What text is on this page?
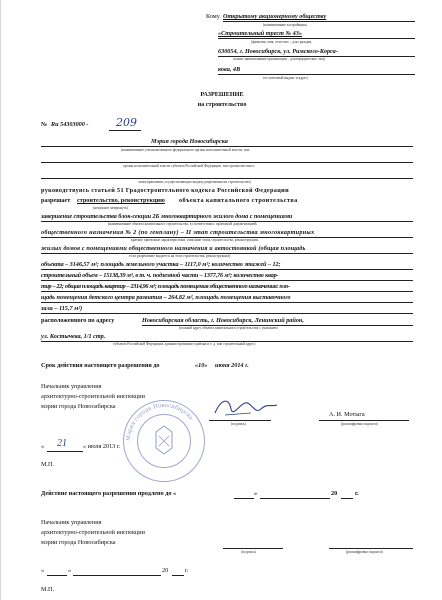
Кому Открытому акционерному обществу
(наименование застройщика,
«Строительный трест № 43»
(фамилия, имя, отчество – для граждан,
630054, г. Новосибирск, ул. Римского-Корса-
полное наименование организации – для юридических лиц)
кова, 4В
его почтовый индекс и адрес)
РАЗРЕШЕНИЕ
на строительство
№ Ru 54303000 -	209
Мэрия города Новосибирска
(наименование уполномоченного федерального органа исполнительной власти, или
органа исполнительной власти субъекта Российской Федерации, или органа местного
самоуправления, осуществляющих выдачу разрешения на строительство)
руководствуясь статьей 51 Градостроительного кодекса Российской Федерации
разрешает строительство, реконструкцию объекта капитального строительства
(ненужное зачеркнуть)
завершение строительства блок-секции 2Б многоквартирного жилого дома с помещениями
(наименование объекта капитального строительства, в соответствии с проектной документацией,
общественного назначения № 2 (по генплану) – II этап строительства многоквартирных
краткие проектные характеристики, описание этапа строительства, реконструкции,
жилых домов с помещениями общественного назначения и автостоянкой (общая площадь
если разрешение выдается на этап строительства, реконструкции)
объекта – 3146,57 м²; площадь земельного участка – 1117,0 м²; количество этажей – 12;
строительный объем – 15138,39 м³, в т. ч. подземной части – 1377,76 м³; количество квар-
тир – 22; общая площадь квартир – 2314,96 м²; площадь помещения общественного назначения: пло-
щадь помещения детского центра развития – 264,82 м², площадь помещения выставочного
зала – 115,7 м²)
расположенного по адресу	Новосибирская область, г. Новосибирск, Ленинский район,
(полный адрес объекта капитального строительства с указанием
ул. Костычева, 1/1 стр.
субъекта Российской Федерации, административного района и т. д. или строительный адрес)
Срок действия настоящего разрешения до	«10» июня 2014 г.
Начальник управления
архитектурно-строительной инспекции
мэрии города Новосибирска
(подпись)
А. И. Мотыга
(расшифровка подписи)
« 21	» июля 2013 г.
М.П.
Мэрия города Новосибирска
Действие настоящего разрешения продлено до «	»	20	г.
Начальник управления
архитектурно-строительной инспекции
мэрии города Новосибирска
(подпись)	(расшифровка подписи)
«	»	20	г.
М.П.
